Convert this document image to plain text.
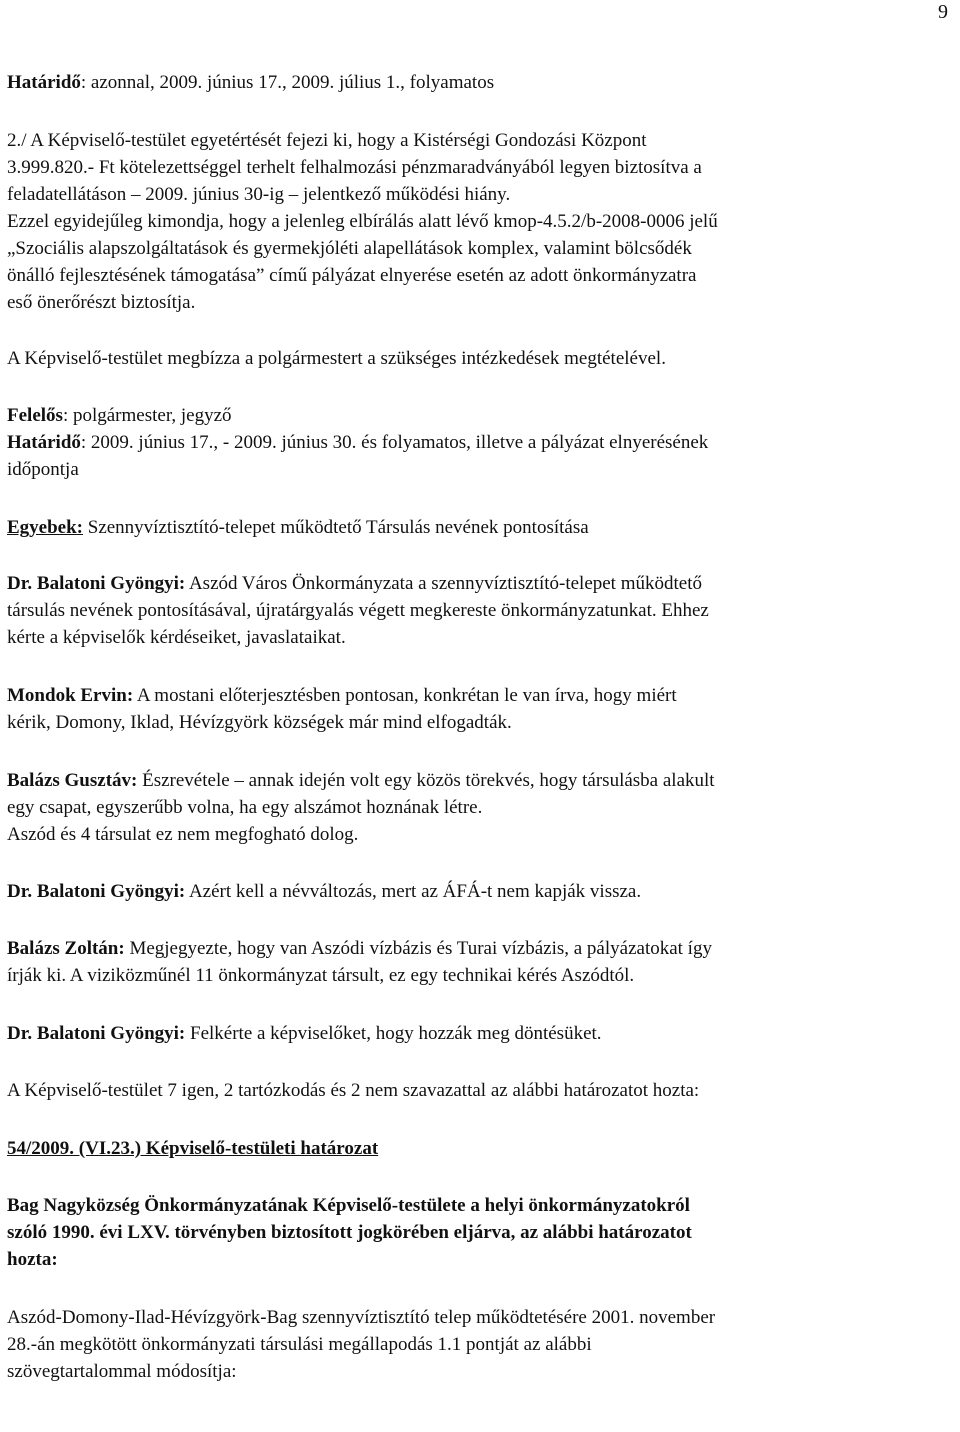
9

Határidő: azonnal, 2009. június 17., 2009. július 1., folyamatos

2./ A Képviselő-testület egyetértését fejezi ki, hogy a Kistérségi Gondozási Központ

3.999.820.- Ft kötelezettséggel terhelt felhalmozási pénzmaradványából legyen biztosítva a

feladatellátáson – 2009. június 30-ig – jelentkező működési hiány.

Ezzel egyidejűleg kimondja, hogy a jelenleg elbírálás alatt lévő kmop-4.5.2/b-2008-0006 jelű

„Szociális alapszolgáltatások és gyermekjóléti alapellátások komplex, valamint bölcsődék

önálló fejlesztésének támogatása” című pályázat elnyerése esetén az adott önkormányzatra

eső önerőrészt biztosítja.

A Képviselő-testület megbízza a polgármestert a szükséges intézkedések megtételével.

Felelős: polgármester, jegyző

Határidő: 2009. június 17., - 2009. június 30. és folyamatos, illetve a pályázat elnyerésének

időpontja

Egyebek: Szennyvíztisztító-telepet működtető Társulás nevének pontosítása

Dr. Balatoni Gyöngyi: Aszód Város Önkormányzata a szennyvíztisztító-telepet működtető

társulás nevének pontosításával, újratárgyalás végett megkereste önkormányzatunkat. Ehhez

kérte a képviselők kérdéseiket, javaslataikat.

Mondok Ervin: A mostani előterjesztésben pontosan, konkrétan le van írva, hogy miért

kérik, Domony, Iklad, Hévízgyörk községek már mind elfogadták.

Balázs Gusztáv: Észrevétele – annak idején volt egy közös törekvés, hogy társulásba alakult

egy csapat, egyszerűbb volna, ha egy alszámot hoznának létre.

Aszód és 4 társulat ez nem megfogható dolog.

Dr. Balatoni Gyöngyi: Azért kell a névváltozás, mert az ÁFÁ-t nem kapják vissza.

Balázs Zoltán: Megjegyezte, hogy van Aszódi vízbázis és Turai vízbázis, a pályázatokat így

írják ki. A viziközműnél 11 önkormányzat társult, ez egy technikai kérés Aszódtól.

Dr. Balatoni Gyöngyi: Felkérte a képviselőket, hogy hozzák meg döntésüket.

A Képviselő-testület 7 igen, 2 tartózkodás és 2 nem szavazattal az alábbi határozatot hozta:

54/2009. (VI.23.) Képviselő-testületi határozat

Bag Nagyközség Önkormányzatának Képviselő-testülete a helyi önkormányzatokról

szóló 1990. évi LXV. törvényben biztosított jogkörében eljárva, az alábbi határozatot

hozta:

Aszód-Domony-Ilad-Hévízgyörk-Bag szennyvíztisztító telep működtetésére 2001. november

28.-án megkötött önkormányzati társulási megállapodás 1.1 pontját az alábbi

szövegtartalommal módosítja:
